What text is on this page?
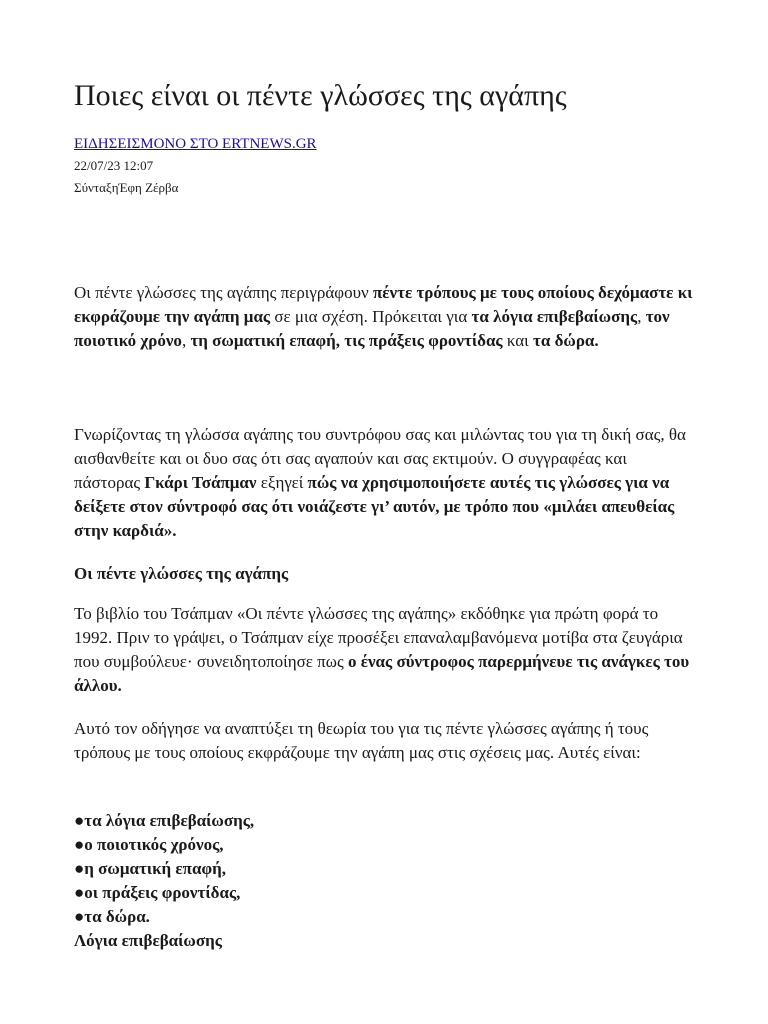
Ποιες είναι οι πέντε γλώσσες της αγάπης
ΕΙΔΗΣΕΙΣΜΟΝΟ ΣΤΟ ERTNEWS.GR
22/07/23 12:07
ΣύνταξηΈφη Ζέρβα

Οι πέντε γλώσσες της αγάπης περιγράφουν πέντε τρόπους με τους οποίους δεχόμαστε κι εκφράζουμε την αγάπη μας σε μια σχέση. Πρόκειται για τα λόγια επιβεβαίωσης, τον ποιοτικό χρόνο, τη σωματική επαφή, τις πράξεις φροντίδας και τα δώρα.

Γνωρίζοντας τη γλώσσα αγάπης του συντρόφου σας και μιλώντας του για τη δική σας, θα αισθανθείτε και οι δυο σας ότι σας αγαπούν και σας εκτιμούν. Ο συγγραφέας και πάστορας Γκάρι Τσάπμαν εξηγεί πώς να χρησιμοποιήσετε αυτές τις γλώσσες για να δείξετε στον σύντροφό σας ότι νοιάζεστε γι’ αυτόν, με τρόπο που «μιλάει απευθείας στην καρδιά».

Οι πέντε γλώσσες της αγάπης

Το βιβλίο του Τσάπμαν «Οι πέντε γλώσσες της αγάπης» εκδόθηκε για πρώτη φορά το 1992. Πριν το γράψει, ο Τσάπμαν είχε προσέξει επαναλαμβανόμενα μοτίβα στα ζευγάρια που συμβούλευε· συνειδητοποίησε πως ο ένας σύντροφος παρερμήνευε τις ανάγκες του άλλου.

Αυτό τον οδήγησε να αναπτύξει τη θεωρία του για τις πέντε γλώσσες αγάπης ή τους τρόπους με τους οποίους εκφράζουμε την αγάπη μας στις σχέσεις μας. Αυτές είναι:

●τα λόγια επιβεβαίωσης,
●ο ποιοτικός χρόνος,
●η σωματική επαφή,
●οι πράξεις φροντίδας,
●τα δώρα.
Λόγια επιβεβαίωσης
